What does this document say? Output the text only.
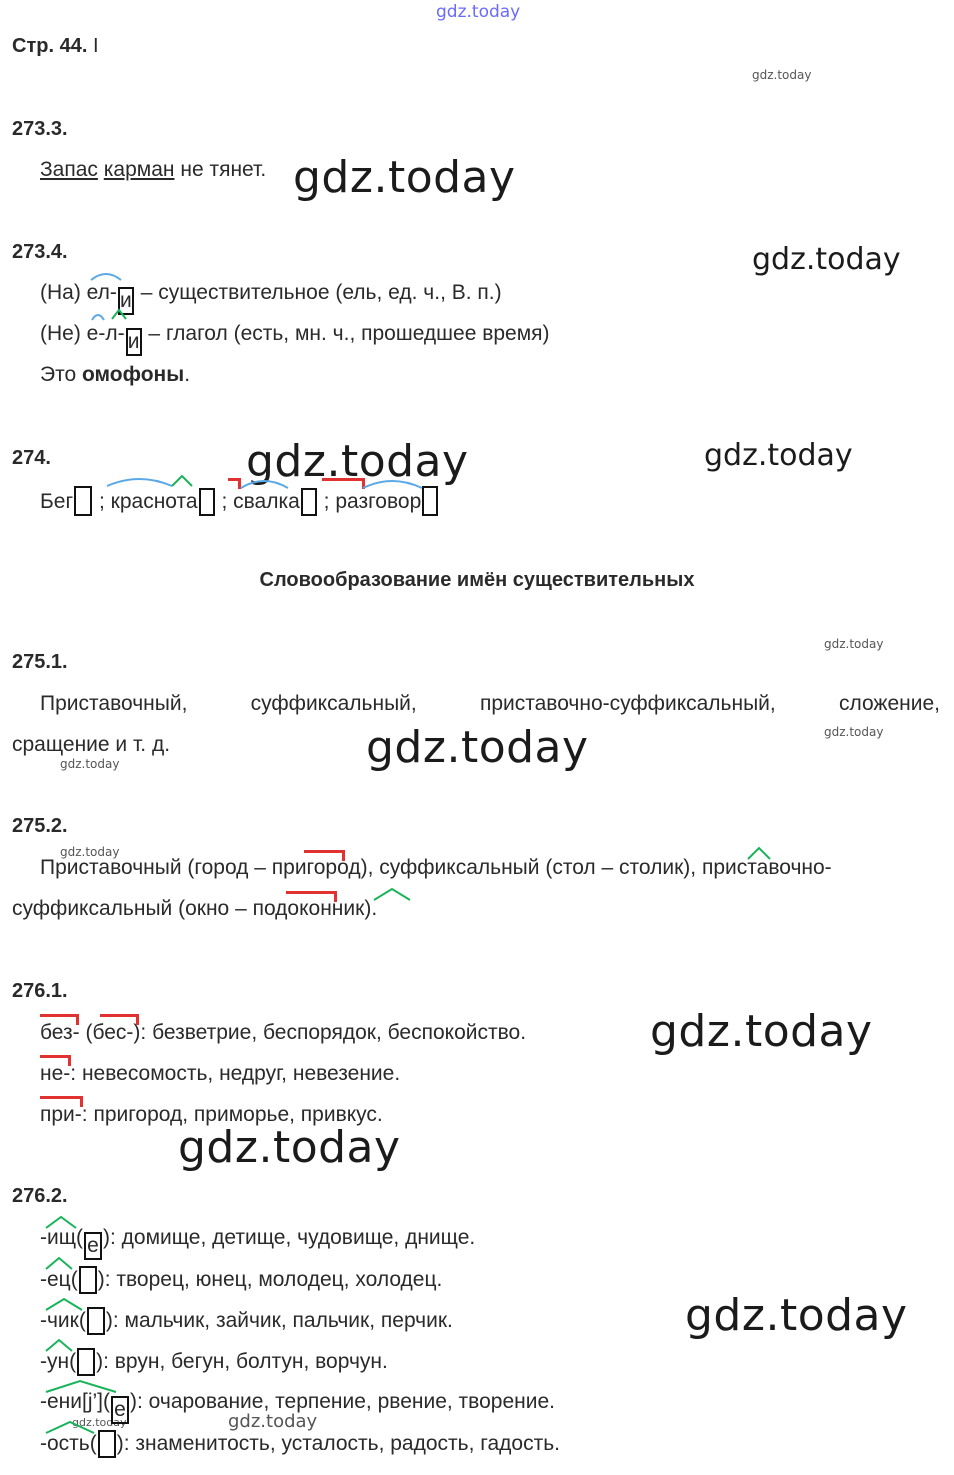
gdz.today
gdz.today
gdz.today
gdz.today
gdz.today	gdz.today
gdz.today
gdz.today	gdz.today
gdz.today
gdz.today
gdz.today
gdz.today
gdz.today
gdz.today
gdz.today
Стр. 44. I
273.3.
Запас карман не тянет.
273.4.
(На) ел- и – существительное (ель, ед. ч., В. п.)
(Не) е-л- и – глагол (есть, мн. ч., прошедшее время)
Это омофоны.
274.
Бег ; краснота ; свалка ; разговор
Словообразование имён существительных
275.1.
Приставочный,	суффиксальный,	приставочно-суффиксальный,	сложение,
сращение и т. д.
275.2.
Приставочный (город – пригород), суффиксальный (стол – столик), приставочно-
суффиксальный (окно – подоконник).
276.1.
без- (бес-): безветрие, беспорядок, беспокойство.
не-: невесомость, недруг, невезение.
при-: пригород, приморье, привкус.
276.2.
-ищ( е ): домище, детище, чудовище, днище.
-ец( ): творец, юнец, молодец, холодец.
-чик( ): мальчик, зайчик, пальчик, перчик.
-ун( ): врун, бегун, болтун, ворчун.
-ени[j’]( е ): очарование, терпение, рвение, творение.
-ость( ): знаменитость, усталость, радость, гадость.
